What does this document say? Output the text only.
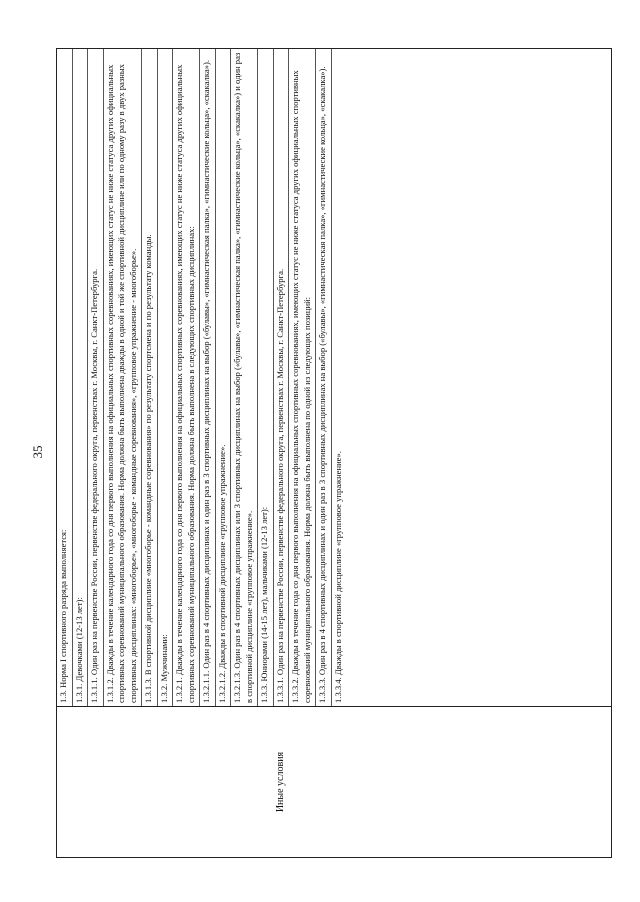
35
Иные условия
1.3. Норма I спортивного разряда выполняется: 1.3.1. Девочками (12-13 лет): 1.3.1.1. Один раз на первенстве России, первенстве федерального округа, первенствах г. Москвы, г. Санкт-Петербурга. 1.3.1.2. Дважды в течение календарного года со дня первого выполнения на официальных спортивных соревнованиях, имеющих статус не ниже статуса других официальных спортивных соревнований муниципального образования. Норма должна быть выполнена дважды в одной и той же спортивной дисциплине или по одному разу в двух разных спортивных дисциплинах: «многоборье», «многоборье - командные соревнования», «групповое упражнение - многоборье». 1.3.1.3. В спортивной дисциплине «многоборье - командные соревнования» по результату спортсмена и по результату команды. 1.3.2. Мужчинами: 1.3.2.1. Дважды в течение календарного года со дня первого выполнения на официальных спортивных соревнованиях, имеющих статус не ниже статуса других официальных спортивных соревнований муниципального образования. Норма должна быть выполнена в следующих спортивных дисциплинах: 1.3.2.1.1. Один раз в 4 спортивных дисциплинах и один раз в 3 спортивных дисциплинах на выбор («булавы», «гимнастическая палка», «гимнастические кольца», «скакалка»). 1.3.2.1.2. Дважды в спортивной дисциплине «групповое упражнение». 1.3.2.1.3. Один раз в 4 спортивных дисциплинах или 3 спортивных дисциплинах на выбор («булавы», «гимнастическая палка», «гимнастические кольца», «скакалка») и один раз в спортивной дисциплине «групповое упражнение». 1.3.3. Юниорами (14-15 лет), мальчиками (12-13 лет): 1.3.3.1. Один раз на первенстве России, первенстве федерального округа, первенствах г. Москвы, г. Санкт-Петербурга. 1.3.3.2. Дважды в течение года со дня первого выполнения на официальных спортивных соревнованиях, имеющих статус не ниже статуса других официальных спортивных соревнований муниципального образования. Норма должна быть выполнена по одной из следующих позиций: 1.3.3.3. Один раз в 4 спортивных дисциплинах и один раз в 3 спортивных дисциплинах на выбор («булавы», «гимнастическая палка», «гимнастические кольца», «скакалка»). 1.3.3.4. Дважды в спортивной дисциплине «групповое упражнение».
